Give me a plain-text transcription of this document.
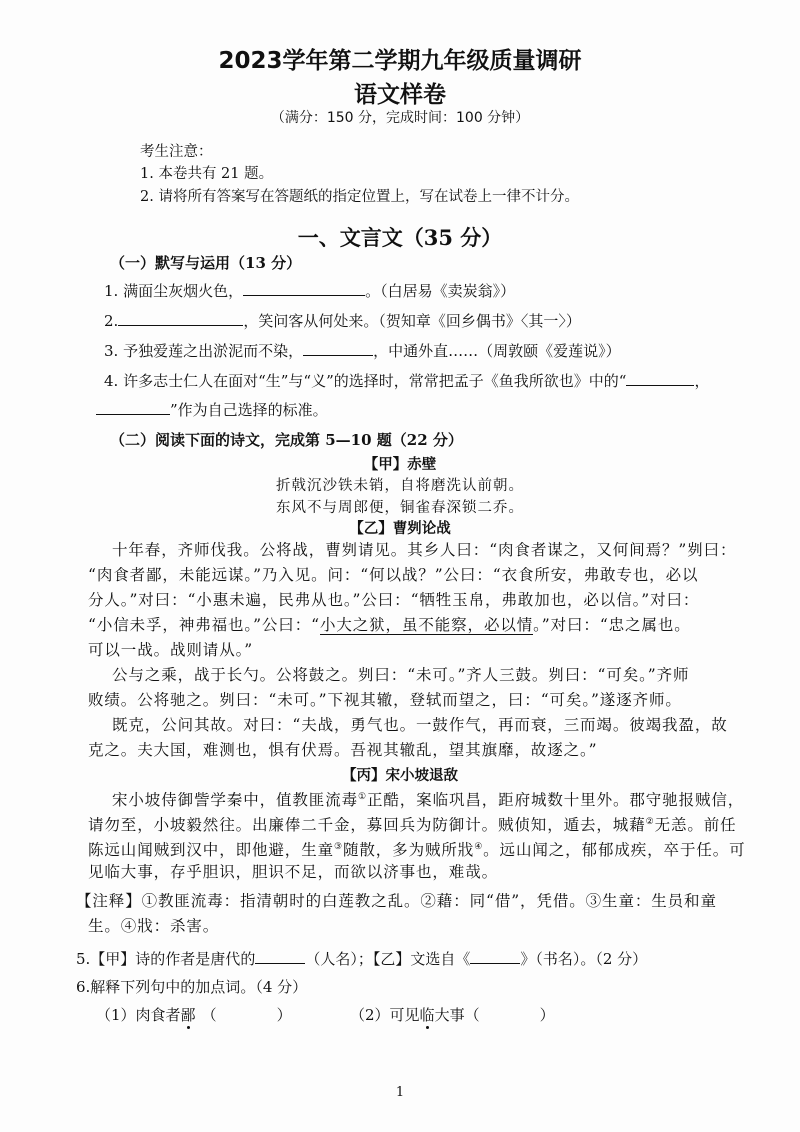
2023学年第二学期九年级质量调研
语文样卷
（满分：150 分，完成时间：100 分钟）
考生注意：
1. 本卷共有 21 题。
2. 请将所有答案写在答题纸的指定位置上，写在试卷上一律不计分。
一、文言文（35 分）
（一）默写与运用（13 分）
1. 满面尘灰烟火色，	。（白居易《卖炭翁》）
2.	，笑问客从何处来。（贺知章《回乡偶书》〈其一〉）
3. 予独爱莲之出淤泥而不染，	，中通外直……（周敦颐《爱莲说》）
4. 许多志士仁人在面对“生”与“义”的选择时，常常把孟子《鱼我所欲也》中的“	，
”作为自己选择的标准。
（二）阅读下面的诗文，完成第 5—10 题（22 分）
【甲】赤壁
折戟沉沙铁未销，自将磨洗认前朝。
东风不与周郎便，铜雀春深锁二乔。
【乙】曹刿论战
十年春，齐师伐我。公将战，曹刿请见。其乡人曰：“肉食者谋之，又何间焉？”刿曰：
“肉食者鄙，未能远谋。”乃入见。问：“何以战？”公曰：“衣食所安，弗敢专也，必以
分人。”对曰：“小惠未遍，民弗从也。”公曰：“牺牲玉帛，弗敢加也，必以信。”对曰：
“小信未孚，神弗福也。”公曰：“小大之狱，虽不能察，必以情。”对曰：“忠之属也。
可以一战。战则请从。”
公与之乘，战于长勺。公将鼓之。刿曰：“未可。”齐人三鼓。刿曰：“可矣。”齐师
败绩。公将驰之。刿曰：“未可。”下视其辙，登轼而望之，曰：“可矣。”遂逐齐师。
既克，公问其故。对曰：“夫战，勇气也。一鼓作气，再而衰，三而竭。彼竭我盈，故
克之。夫大国，难测也，惧有伏焉。吾视其辙乱，望其旗靡，故逐之。”
【丙】宋小坡退敌
宋小坡侍御訾学秦中，值教匪流毒①正酷，案临巩昌，距府城数十里外。郡守驰报贼信，
请勿至，小坡毅然往。出廉俸二千金，募回兵为防御计。贼侦知，遁去，城藉②无恙。前任
陈远山闻贼到汉中，即他避，生童③随散，多为贼所戕④。远山闻之，郁郁成疾，卒于任。可
见临大事，存乎胆识，胆识不足，而欲以济事也，难哉。
【注释】①教匪流毒：指清朝时的白莲教之乱。②藉：同“借”，凭借。③生童：生员和童
生。④戕：杀害。
5.【甲】诗的作者是唐代的	（人名）；【乙】文选自《	》（书名）。（2 分）
6.解释下列句中的加点词。（4 分）
（1）肉食者鄙 （	）	（2）可见临大事（	）
1
